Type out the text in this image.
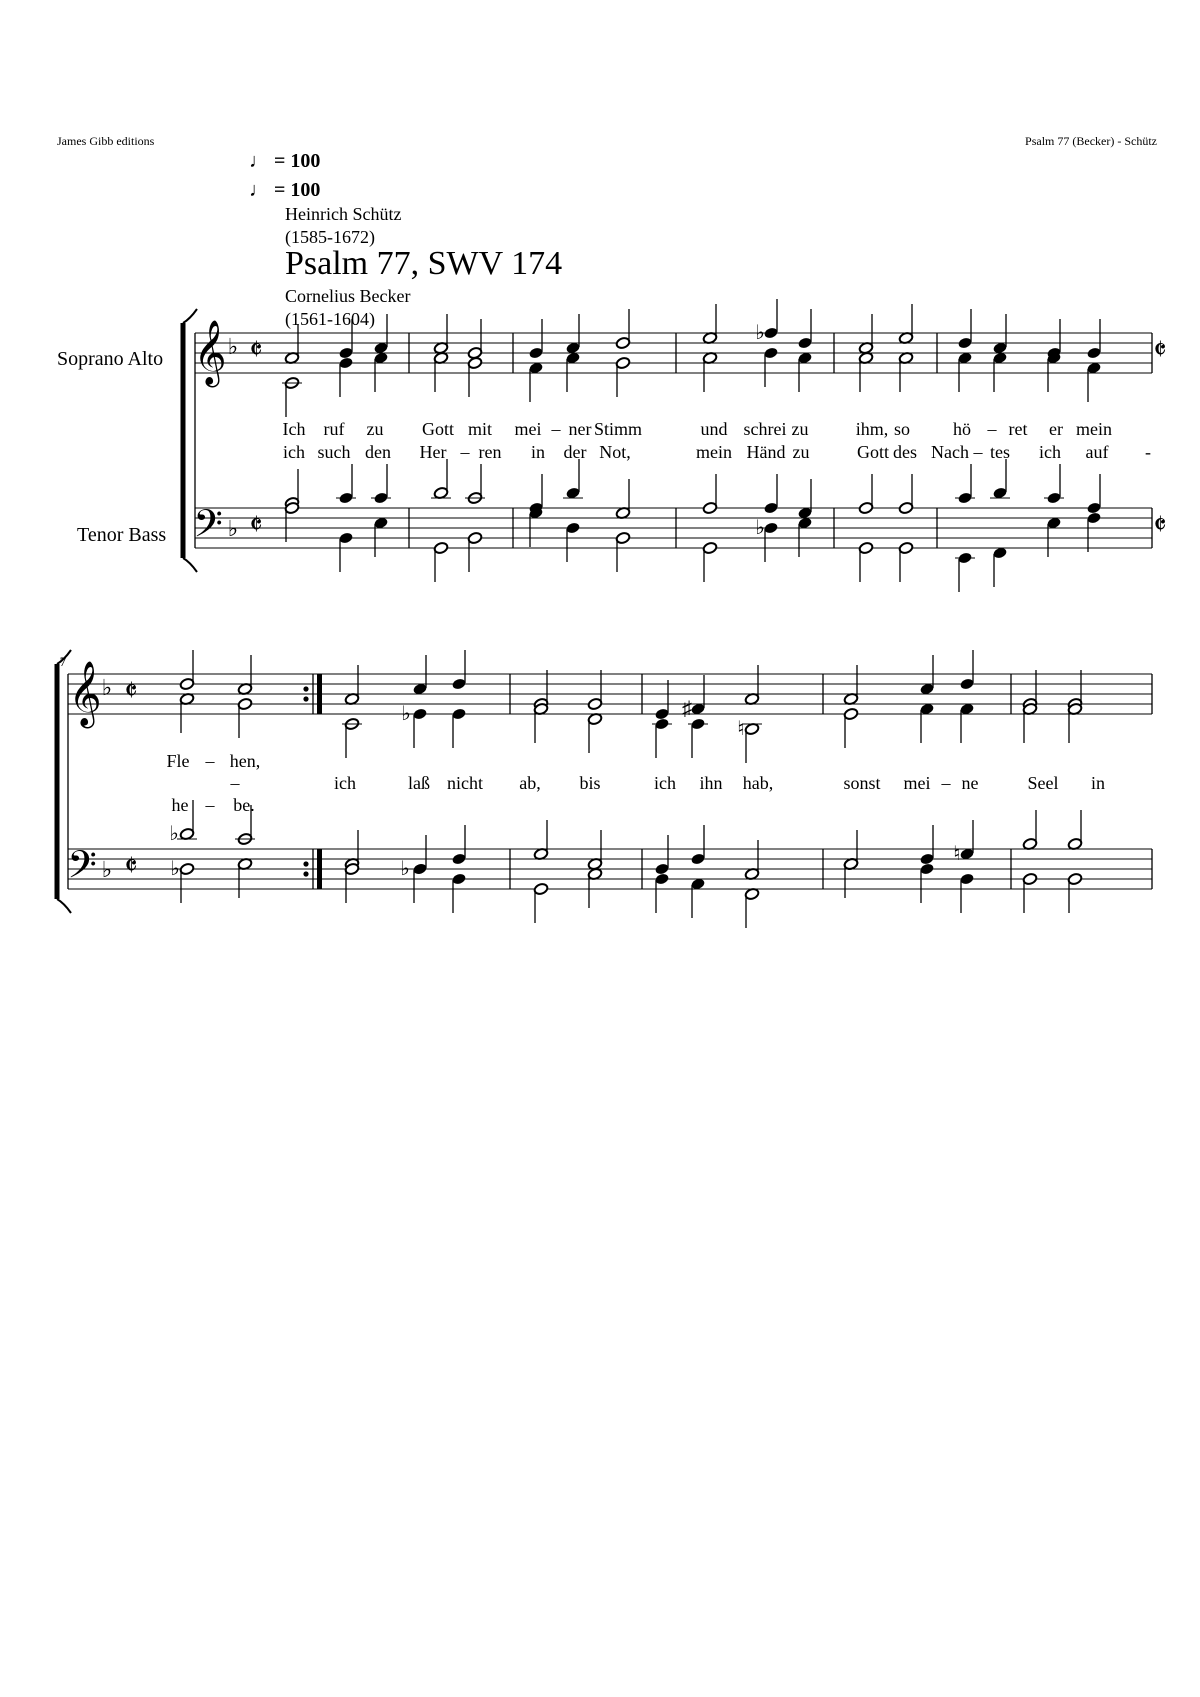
James Gibb editions	Psalm 77 (Becker) - Schütz
♩ = 100
♩ = 100
Heinrich Schütz
(1585-1672)
Psalm 77, SWV 174
Cornelius Becker
(1561-1604)
Soprano Alto
Tenor Bass
𝄞
𝄢
♭
♭
𝄵
𝄵
𝄵
𝄵
♭
♭
Ich ruf zu Gott mit mei – ner Stimm	und schrei zu	ihm, so hö – ret er mein
ich such den Her – ren in der Not,	mein Händ zu	Gott des Nach – tes ich auf -
7
𝄞
𝄢
♭
♭
𝄵
𝄵
♭	♯
♮
♭
♭	♭
♮
Fle – hen,
–
he – be.
ich	laß nicht ab, bis	ich ihn hab,	sonst mei – ne	Seel in
